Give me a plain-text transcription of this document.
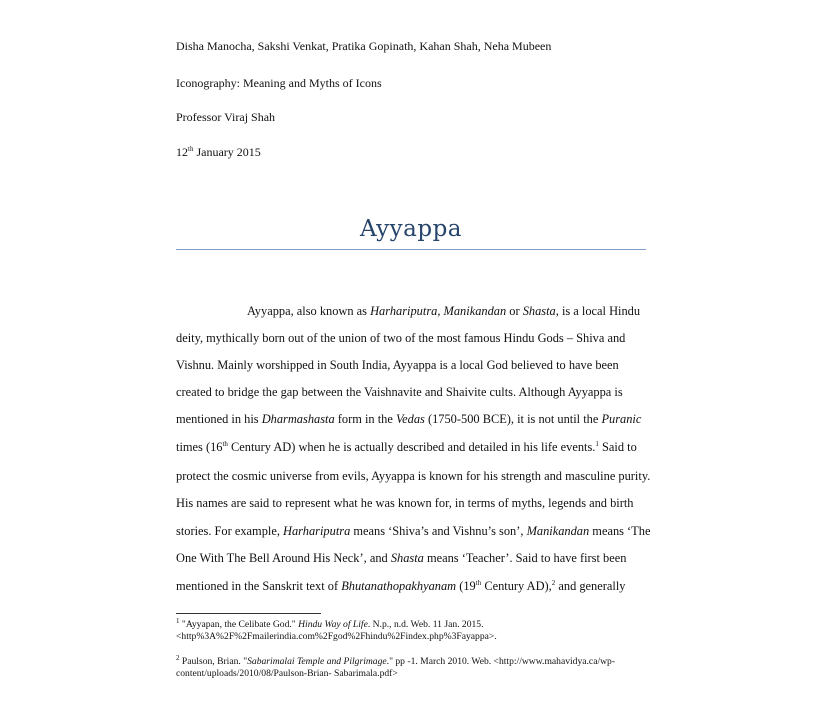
Disha Manocha, Sakshi Venkat, Pratika Gopinath, Kahan Shah, Neha Mubeen
Iconography: Meaning and Myths of Icons
Professor Viraj Shah
12th January 2015
Ayyappa
Ayyappa, also known as Harhariputra, Manikandan or Shasta, is a local Hindu
deity, mythically born out of the union of two of the most famous Hindu Gods – Shiva and
Vishnu. Mainly worshipped in South India, Ayyappa is a local God believed to have been
created to bridge the gap between the Vaishnavite and Shaivite cults. Although Ayyappa is
mentioned in his Dharmashasta form in the Vedas (1750-500 BCE), it is not until the Puranic
times (16th Century AD) when he is actually described and detailed in his life events.$^1$ Said to
protect the cosmic universe from evils, Ayyappa is known for his strength and masculine purity.
His names are said to represent what he was known for, in terms of myths, legends and birth
stories. For example, Harhariputra means ‘Shiva’s and Vishnu’s son’, Manikandan means ‘The
One With The Bell Around His Neck’, and Shasta means ‘Teacher’. Said to have first been
mentioned in the Sanskrit text of Bhutanathopakhyanam (19th Century AD),$^2$ and generally
$^1$ "Ayyapan, the Celibate God." Hindu Way of Life. N.p., n.d. Web. 11 Jan. 2015.
<http%3A%2F%2Fmailerindia.com%2Fgod%2Fhindu%2Findex.php%3Fayappa>.
$^2$ Paulson, Brian. "Sabarimalai Temple and Pilgrimage." pp -1. March 2010. Web. <http://www.mahavidya.ca/wp-
content/uploads/2010/08/Paulson-Brian- Sabarimala.pdf>
